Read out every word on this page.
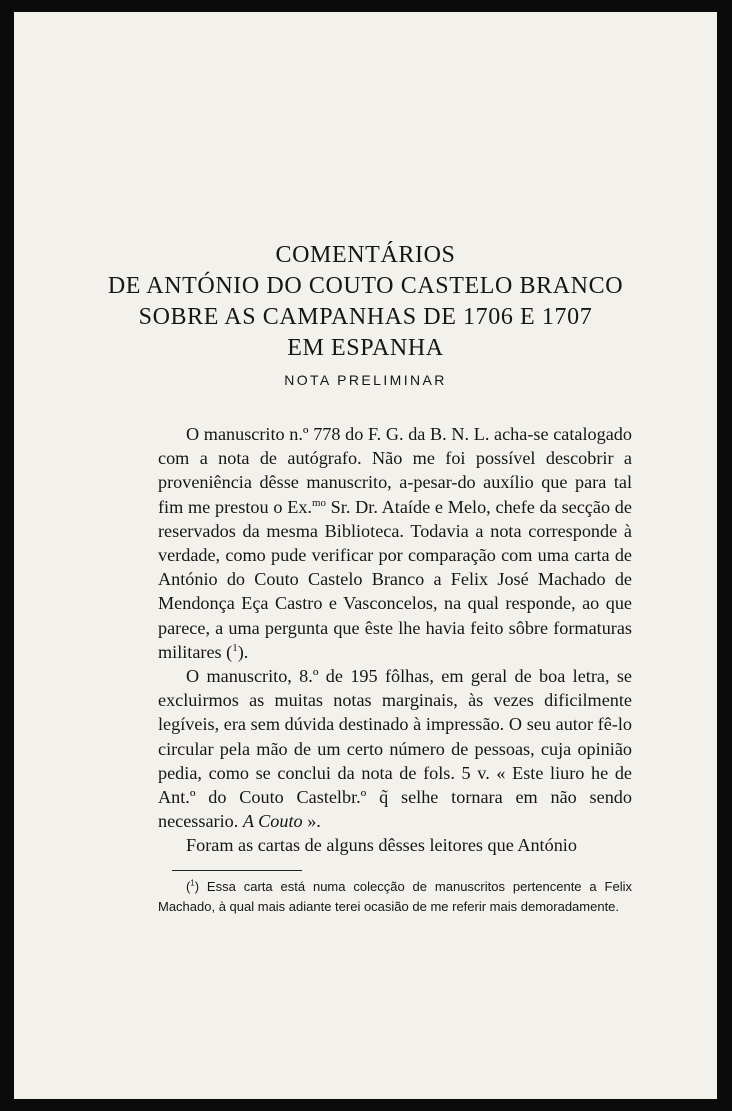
COMENTÁRIOS
DE ANTÓNIO DO COUTO CASTELO BRANCO
SOBRE AS CAMPANHAS DE 1706 E 1707
EM ESPANHA
NOTA PRELIMINAR

O manuscrito n.º 778 do F. G. da B. N. L. acha-se catalogado com a nota de autógrafo. Não me foi possível descobrir a proveniência dêsse manuscrito, a-pesar-do auxílio que para tal fim me prestou o Ex.$^{mo}$ Sr. Dr. Ataíde e Melo, chefe da secção de reservados da mesma Biblioteca. Todavia a nota corresponde à verdade, como pude verificar por comparação com uma carta de António do Couto Castelo Branco a Felix José Machado de Mendonça Eça Castro e Vasconcelos, na qual responde, ao que parece, a uma pergunta que êste lhe havia feito sôbre formaturas militares ($^1$).

O manuscrito, 8.º de 195 fôlhas, em geral de boa letra, se excluirmos as muitas notas marginais, às vezes dificilmente legíveis, era sem dúvida destinado à impressão. O seu autor fê-lo circular pela mão de um certo número de pessoas, cuja opinião pedia, como se conclui da nota de fols. 5 v. « Este liuro he de Ant.º do Couto Castelbr.º q̃ selhe tornara em não sendo necessario. A Couto ».

Foram as cartas de alguns dêsses leitores que António

($^1$) Essa carta está numa colecção de manuscritos pertencente a Felix Machado, à qual mais adiante terei ocasião de me referir mais demoradamente.
